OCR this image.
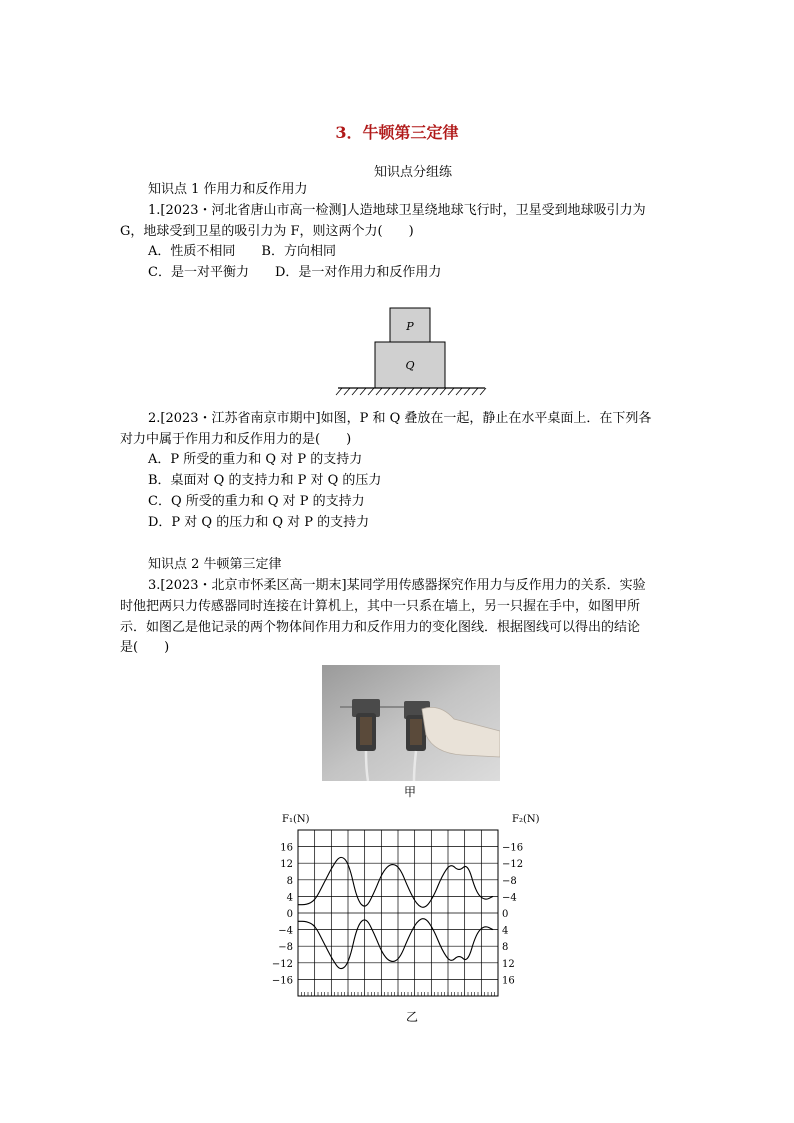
3．牛顿第三定律
知识点分组练
知识点 1 作用力和反作用力
1.[2023・河北省唐山市高一检测]人造地球卫星绕地球飞行时，卫星受到地球吸引力为
G，地球受到卫星的吸引力为 F，则这两个力(　　)
A．性质不相同　　B．方向相同
C．是一对平衡力　　D．是一对作用力和反作用力
P
Q
2.[2023・江苏省南京市期中]如图，P 和 Q 叠放在一起，静止在水平桌面上．在下列各
对力中属于作用力和反作用力的是(　　)
A．P 所受的重力和 Q 对 P 的支持力
B．桌面对 Q 的支持力和 P 对 Q 的压力
C．Q 所受的重力和 Q 对 P 的支持力
D．P 对 Q 的压力和 Q 对 P 的支持力
知识点 2 牛顿第三定律
3.[2023・北京市怀柔区高一期末]某同学用传感器探究作用力与反作用力的关系．实验
时他把两只力传感器同时连接在计算机上，其中一只系在墙上，另一只握在手中，如图甲所
示．如图乙是他记录的两个物体间作用力和反作用力的变化图线．根据图线可以得出的结论
是(　　)
甲
16
12
8
4
0
−4
−8
−12
−16
−16
−12
−8
−4
0
4
8
12
16
F₁(N)	F₂(N)
乙
